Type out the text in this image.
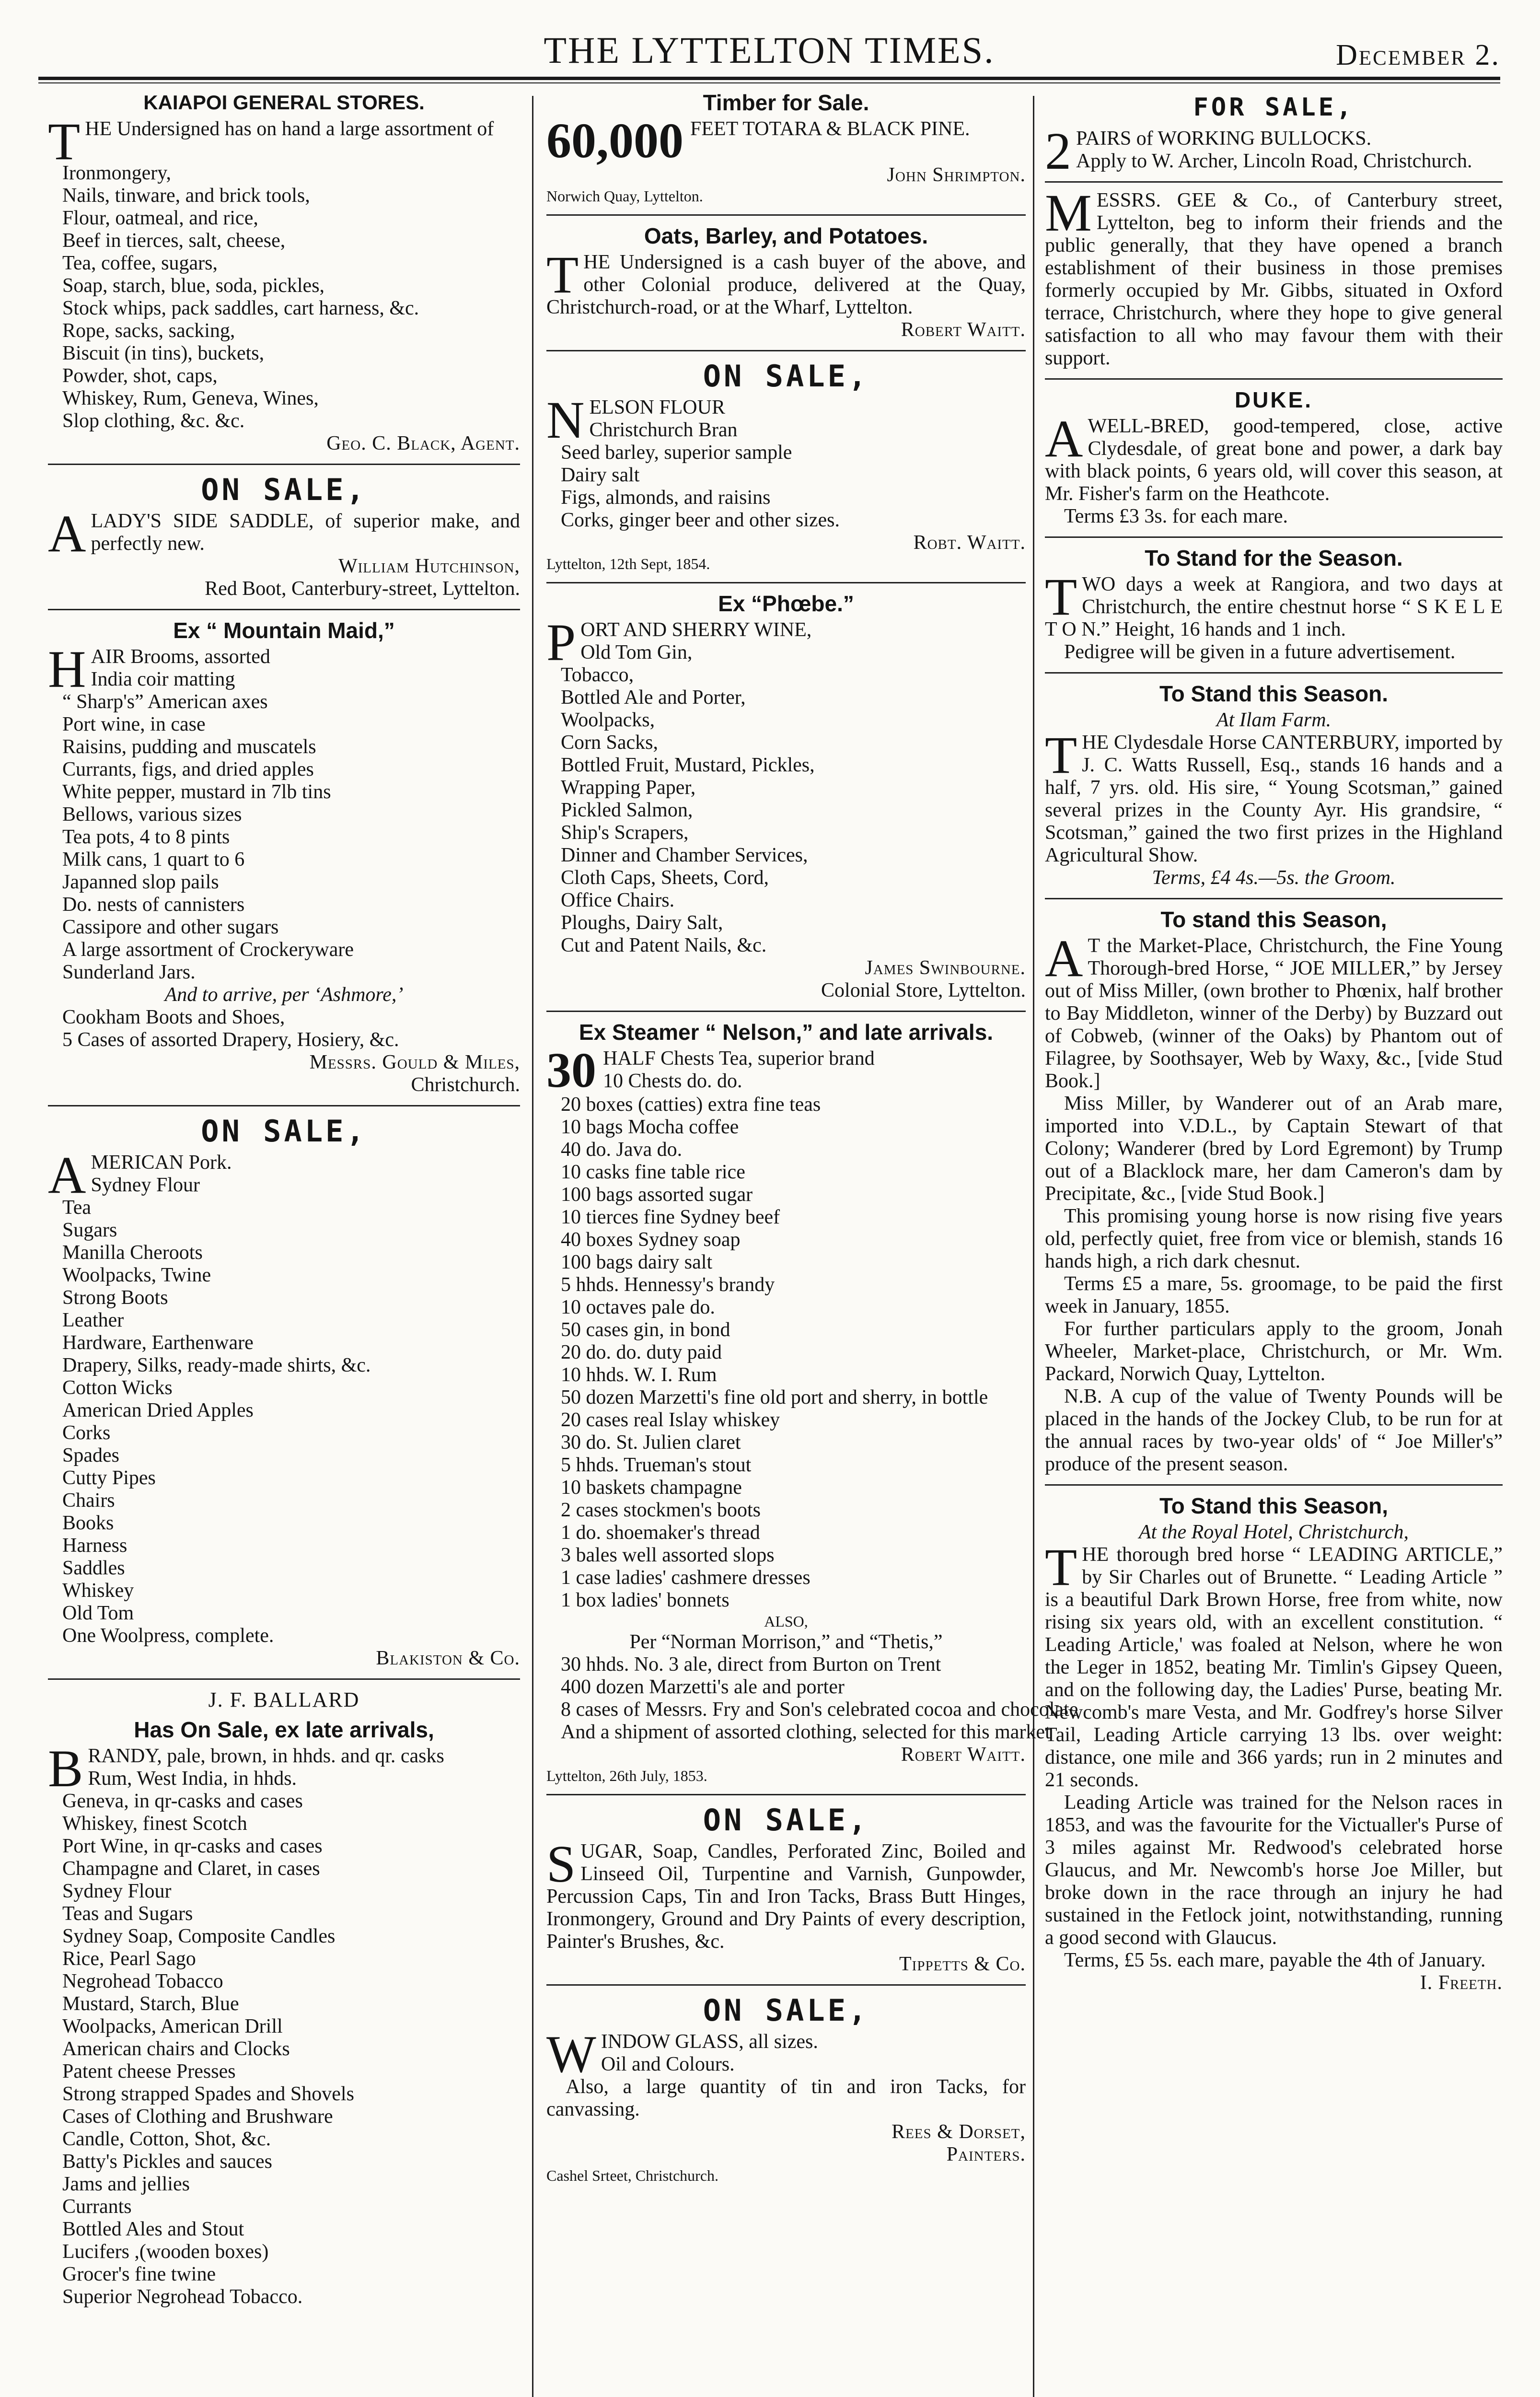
THE LYTTELTON TIMES.	December 2.
KAIAPOI GENERAL STORES.
THE Undersigned has on hand a large assortment of
Ironmongery,
Nails, tinware, and brick tools,
Flour, oatmeal, and rice,
Beef in tierces, salt, cheese,
Tea, coffee, sugars,
Soap, starch, blue, soda, pickles,
Stock whips, pack saddles, cart harness, &c.
Rope, sacks, sacking,
Biscuit (in tins), buckets,
Powder, shot, caps,
Whiskey, Rum, Geneva, Wines,
Slop clothing, &c. &c.
Geo. C. Black, Agent.
ON SALE,
ALADY'S SIDE SADDLE, of superior make, and perfectly new.
William Hutchinson,
Red Boot, Canterbury-street, Lyttelton.
Ex “ Mountain Maid,”
HAIR Brooms, assorted
India coir matting
“ Sharp's” American axes
Port wine, in case
Raisins, pudding and muscatels
Currants, figs, and dried apples
White pepper, mustard in 7lb tins
Bellows, various sizes
Tea pots, 4 to 8 pints
Milk cans, 1 quart to 6
Japanned slop pails
Do. nests of cannisters
Cassipore and other sugars
A large assortment of Crockeryware
Sunderland Jars.
And to arrive, per ‘Ashmore,’
Cookham Boots and Shoes,
5 Cases of assorted Drapery, Hosiery, &c.
Messrs. Gould & Miles,
Christchurch.
ON SALE,
AMERICAN Pork.
Sydney Flour
Tea
Sugars
Manilla Cheroots
Woolpacks, Twine
Strong Boots
Leather
Hardware, Earthenware
Drapery, Silks, ready-made shirts, &c.
Cotton Wicks
American Dried Apples
Corks
Spades
Cutty Pipes
Chairs
Books
Harness
Saddles
Whiskey
Old Tom
One Woolpress, complete.
Blakiston & Co.
J. F. BALLARD
Has On Sale, ex late arrivals,
BRANDY, pale, brown, in hhds. and qr. casks
Rum, West India, in hhds.
Geneva, in qr-casks and cases
Whiskey, finest Scotch
Port Wine, in qr-casks and cases
Champagne and Claret, in cases
Sydney Flour
Teas and Sugars
Sydney Soap, Composite Candles
Rice, Pearl Sago
Negrohead Tobacco
Mustard, Starch, Blue
Woolpacks, American Drill
American chairs and Clocks
Patent cheese Presses
Strong strapped Spades and Shovels
Cases of Clothing and Brushware
Candle, Cotton, Shot, &c.
Batty's Pickles and sauces
Jams and jellies
Currants
Bottled Ales and Stout
Lucifers ,(wooden boxes)
Grocer's fine twine
Superior Negrohead Tobacco.
Timber for Sale.
60,000 FEET TOTARA & BLACK PINE.
John Shrimpton.
Norwich Quay, Lyttelton.
Oats, Barley, and Potatoes.
THE Undersigned is a cash buyer of the above, and other Colonial produce, delivered at the Quay, Christchurch-road, or at the Wharf, Lyttelton.
Robert Waitt.
ON SALE,
NELSON FLOUR
Christchurch Bran
Seed barley, superior sample
Dairy salt
Figs, almonds, and raisins
Corks, ginger beer and other sizes.
Robt. Waitt.
Lyttelton, 12th Sept, 1854.
Ex “Phœbe.”
PORT AND SHERRY WINE,
Old Tom Gin,
Tobacco,
Bottled Ale and Porter,
Woolpacks,
Corn Sacks,
Bottled Fruit, Mustard, Pickles,
Wrapping Paper,
Pickled Salmon,
Ship's Scrapers,
Dinner and Chamber Services,
Cloth Caps, Sheets, Cord,
Office Chairs.
Ploughs, Dairy Salt,
Cut and Patent Nails, &c.
James Swinbourne.
Colonial Store, Lyttelton.
Ex Steamer “ Nelson,” and late arrivals.
30 HALF Chests Tea, superior brand
10 Chests do. do.
20 boxes (catties) extra fine teas
10 bags Mocha coffee
40 do. Java do.
10 casks fine table rice
100 bags assorted sugar
10 tierces fine Sydney beef
40 boxes Sydney soap
100 bags dairy salt
5 hhds. Hennessy's brandy
10 octaves pale do.
50 cases gin, in bond
20 do. do. duty paid
10 hhds. W. I. Rum
50 dozen Marzetti's fine old port and sherry, in bottle
20 cases real Islay whiskey
30 do. St. Julien claret
5 hhds. Trueman's stout
10 baskets champagne
2 cases stockmen's boots
1 do. shoemaker's thread
3 bales well assorted slops
1 case ladies' cashmere dresses
1 box ladies' bonnets
ALSO,
Per “Norman Morrison,” and “Thetis,”
30 hhds. No. 3 ale, direct from Burton on Trent
400 dozen Marzetti's ale and porter
8 cases of Messrs. Fry and Son's celebrated cocoa and chocolate
And a shipment of assorted clothing, selected for this market
Robert Waitt.
Lyttelton, 26th July, 1853.
ON SALE,
SUGAR, Soap, Candles, Perforated Zinc, Boiled and Linseed Oil, Turpentine and Varnish, Gunpowder, Percussion Caps, Tin and Iron Tacks, Brass Butt Hinges, Ironmongery, Ground and Dry Paints of every description, Painter's Brushes, &c.
Tippetts & Co.
ON SALE,
WINDOW GLASS, all sizes.
Oil and Colours.
Also, a large quantity of tin and iron Tacks, for canvassing.
Rees & Dorset,
Painters.
Cashel Srteet, Christchurch.
FOR SALE,
2 PAIRS of WORKING BULLOCKS.
Apply to W. Archer, Lincoln Road, Christchurch.
MESSRS. GEE & Co., of Canterbury street, Lyttelton, beg to inform their friends and the public generally, that they have opened a branch establishment of their business in those premises formerly occupied by Mr. Gibbs, situated in Oxford terrace, Christchurch, where they hope to give general satisfaction to all who may favour them with their support.
DUKE.
AWELL-BRED, good-tempered, close, active Clydesdale, of great bone and power, a dark bay with black points, 6 years old, will cover this season, at Mr. Fisher's farm on the Heathcote.
Terms £3 3s. for each mare.
To Stand for the Season.
TWO days a week at Rangiora, and two days at Christchurch, the entire chestnut horse “ S K E L E T O N.” Height, 16 hands and 1 inch.
Pedigree will be given in a future advertisement.
To Stand this Season.
At Ilam Farm.
THE Clydesdale Horse CANTERBURY, imported by J. C. Watts Russell, Esq., stands 16 hands and a half, 7 yrs. old. His sire, “ Young Scotsman,” gained several prizes in the County Ayr. His grandsire, “ Scotsman,” gained the two first prizes in the Highland Agricultural Show.
Terms, £4 4s.—5s. the Groom.
To stand this Season,
A T the Market-Place, Christchurch, the Fine Young Thorough-bred Horse, “ JOE MILLER,” by Jersey out of Miss Miller, (own brother to Phœnix, half brother to Bay Middleton, winner of the Derby) by Buzzard out of Cobweb, (winner of the Oaks) by Phantom out of Filagree, by Soothsayer, Web by Waxy, &c., [vide Stud Book.]
Miss Miller, by Wanderer out of an Arab mare, imported into V.D.L., by Captain Stewart of that Colony; Wanderer (bred by Lord Egremont) by Trump out of a Blacklock mare, her dam Cameron's dam by Precipitate, &c., [vide Stud Book.]
This promising young horse is now rising five years old, perfectly quiet, free from vice or blemish, stands 16 hands high, a rich dark chesnut.
Terms £5 a mare, 5s. groomage, to be paid the first week in January, 1855.
For further particulars apply to the groom, Jonah Wheeler, Market-place, Christchurch, or Mr. Wm. Packard, Norwich Quay, Lyttelton.
N.B. A cup of the value of Twenty Pounds will be placed in the hands of the Jockey Club, to be run for at the annual races by two-year olds' of “ Joe Miller's” produce of the present season.
To Stand this Season,
At the Royal Hotel, Christchurch,
THE thorough bred horse “ LEADING ARTICLE,” by Sir Charles out of Brunette. “ Leading Article ” is a beautiful Dark Brown Horse, free from white, now rising six years old, with an excellent constitution. “ Leading Article,' was foaled at Nelson, where he won the Leger in 1852, beating Mr. Timlin's Gipsey Queen, and on the following day, the Ladies' Purse, beating Mr. Newcomb's mare Vesta, and Mr. Godfrey's horse Silver Tail, Leading Article carrying 13 lbs. over weight: distance, one mile and 366 yards; run in 2 minutes and 21 seconds.
Leading Article was trained for the Nelson races in 1853, and was the favourite for the Victualler's Purse of 3 miles against Mr. Redwood's celebrated horse Glaucus, and Mr. Newcomb's horse Joe Miller, but broke down in the race through an injury he had sustained in the Fetlock joint, notwithstanding, running a good second with Glaucus.
Terms, £5 5s. each mare, payable the 4th of January.
I. Freeth.
